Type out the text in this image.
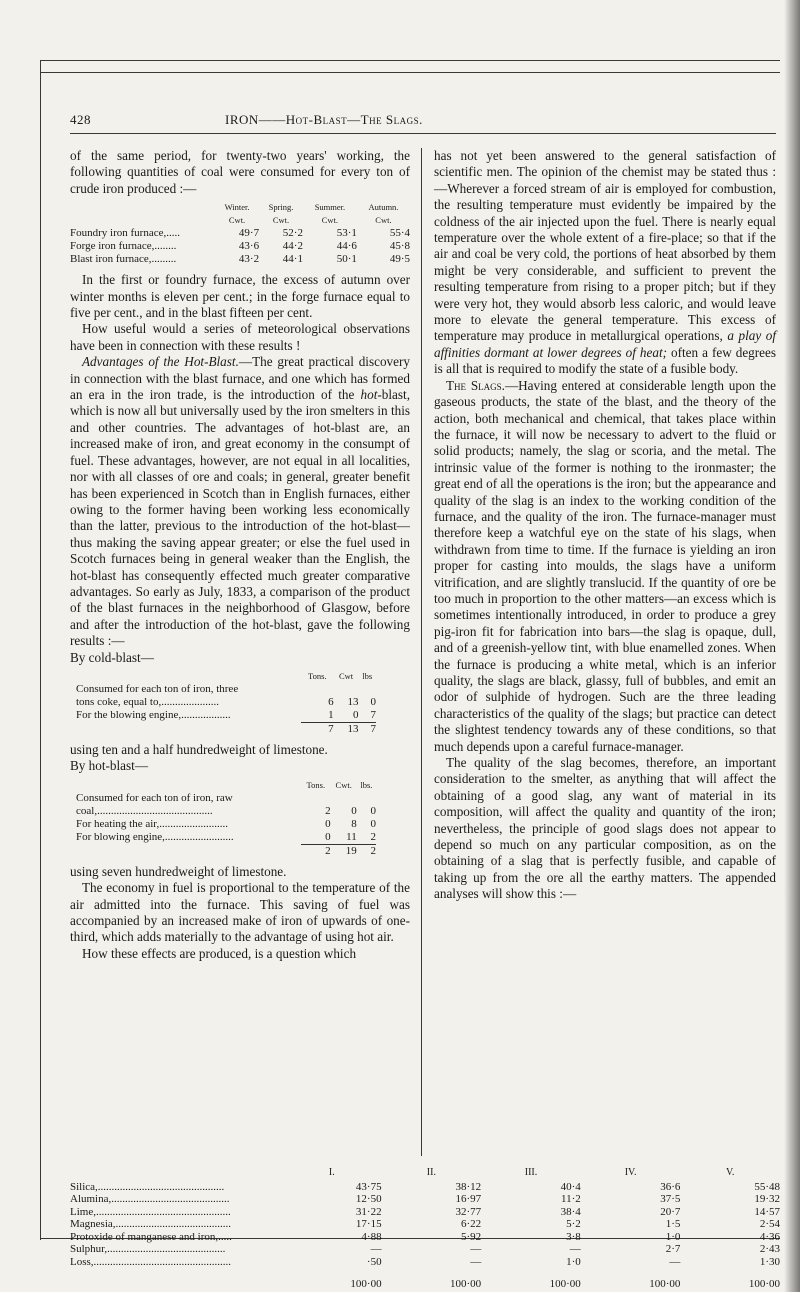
428	IRON——Hot-Blast—The Slags.

of the same period, for twenty-two years' working, the following quantities of coal were consumed for every ton of crude iron produced :—

	Winter.	Spring.	Summer.	Autumn.
	Cwt.	Cwt.	Cwt.	Cwt.
Foundry iron furnace,.....	49·7	52·2	53·1	55·4
Forge iron furnace,........	43·6	44·2	44·6	45·8
Blast iron furnace,.........	43·2	44·1	50·1	49·5

In the first or foundry furnace, the excess of autumn over winter months is eleven per cent.; in the forge furnace equal to five per cent., and in the blast fifteen per cent.

How useful would a series of meteorological observations have been in connection with these results !

Advantages of the Hot-Blast.—The great practical discovery in connection with the blast furnace, and one which has formed an era in the iron trade, is the introduction of the hot-blast, which is now all but universally used by the iron smelters in this and other countries. The advantages of hot-blast are, an increased make of iron, and great economy in the consumpt of fuel. These advantages, however, are not equal in all localities, nor with all classes of ore and coals; in general, greater benefit has been experienced in Scotch than in English furnaces, either owing to the former having been working less economically than the latter, previous to the introduction of the hot-blast—thus making the saving appear greater; or else the fuel used in Scotch furnaces being in general weaker than the English, the hot-blast has consequently effected much greater comparative advantages. So early as July, 1833, a comparison of the product of the blast furnaces in the neighborhood of Glasgow, before and after the introduction of the hot-blast, gave the following results :—

By cold-blast—

	Tons.	Cwt	lbs
Consumed for each ton of iron, three			
tons coke, equal to,.....................	6	13	0
For the blowing engine,..................	1	0	7
	7	13	7

using ten and a half hundredweight of limestone.

By hot-blast—

	Tons.	Cwt.	lbs.
Consumed for each ton of iron, raw			
coal,..........................................	2	0	0
For heating the air,.........................	0	8	0
For blowing engine,.........................	0	11	2
	2	19	2

using seven hundredweight of limestone.

The economy in fuel is proportional to the temperature of the air admitted into the furnace. This saving of fuel was accompanied by an increased make of iron of upwards of one-third, which adds materially to the advantage of using hot air.

How these effects are produced, is a question which

has not yet been answered to the general satisfaction of scientific men. The opinion of the chemist may be stated thus :—Wherever a forced stream of air is employed for combustion, the resulting temperature must evidently be impaired by the coldness of the air injected upon the fuel. There is nearly equal temperature over the whole extent of a fire-place; so that if the air and coal be very cold, the portions of heat absorbed by them might be very considerable, and sufficient to prevent the resulting temperature from rising to a proper pitch; but if they were very hot, they would absorb less caloric, and would leave more to elevate the general temperature. This excess of temperature may produce in metallurgical operations, a play of affinities dormant at lower degrees of heat; often a few degrees is all that is required to modify the state of a fusible body.

The Slags.—Having entered at considerable length upon the gaseous products, the state of the blast, and the theory of the action, both mechanical and chemical, that takes place within the furnace, it will now be necessary to advert to the fluid or solid products; namely, the slag or scoria, and the metal. The intrinsic value of the former is nothing to the ironmaster; the great end of all the operations is the iron; but the appearance and quality of the slag is an index to the working condition of the furnace, and the quality of the iron. The furnace-manager must therefore keep a watchful eye on the state of his slags, when withdrawn from time to time. If the furnace is yielding an iron proper for casting into moulds, the slags have a uniform vitrification, and are slightly translucid. If the quantity of ore be too much in proportion to the other matters—an excess which is sometimes intentionally introduced, in order to produce a grey pig-iron fit for fabrication into bars—the slag is opaque, dull, and of a greenish-yellow tint, with blue enamelled zones. When the furnace is producing a white metal, which is an inferior quality, the slags are black, glassy, full of bubbles, and emit an odor of sulphide of hydrogen. Such are the three leading characteristics of the quality of the slags; but practice can detect the slightest tendency towards any of these conditions, so that much depends upon a careful furnace-manager.

The quality of the slag becomes, therefore, an important consideration to the smelter, as anything that will affect the obtaining of a good slag, any want of material in its composition, will affect the quality and quantity of the iron; nevertheless, the principle of good slags does not appear to depend so much on any particular composition, as on the obtaining of a slag that is perfectly fusible, and capable of taking up from the ore all the earthy matters. The appended analyses will show this :—

	I.	II.	III.	IV.	V.
Silica,..............................................	43·75	38·12	40·4	36·6	55·48
Alumina,...........................................	12·50	16·97	11·2	37·5	19·32
Lime,.................................................	31·22	32·77	38·4	20·7	14·57
Magnesia,..........................................	17·15	6·22	5·2	1·5	2·54
Protoxide of manganese and iron,.....	4·88	5·92	3·8	1·0	4·36
Sulphur,...........................................	—	—	—	2·7	2·43
Loss,..................................................	·50	—	1·0	—	1·30
	100·00	100·00	100·00	100·00	100·00
